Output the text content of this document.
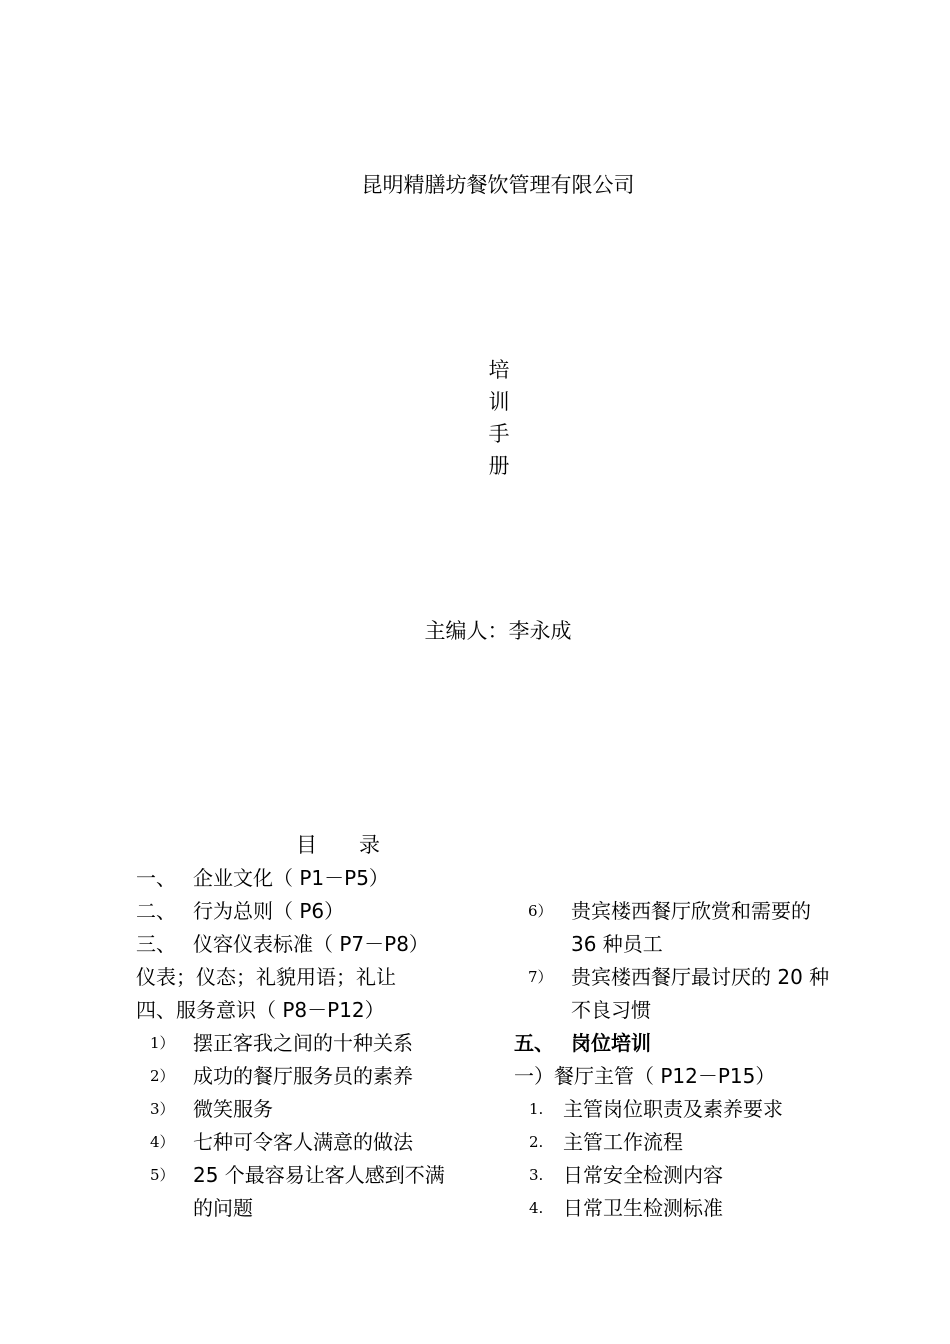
昆明精膳坊餐饮管理有限公司
培
训
手
册
主编人：李永成
目　　录
一、 企业文化（ P1－P5）
二、 行为总则（ P6）
三、 仪容仪表标准（ P7－P8）
仪表；仪态；礼貌用语；礼让
四、服务意识（ P8－P12）
1） 摆正客我之间的十种关系
2） 成功的餐厅服务员的素养
3） 微笑服务
4） 七种可令客人满意的做法
5） 25 个最容易让客人感到不满
的问题
6） 贵宾楼西餐厅欣赏和需要的
36 种员工
7） 贵宾楼西餐厅最讨厌的 20 种
不良习惯
五、 岗位培训
一）餐厅主管（ P12－P15）
1. 主管岗位职责及素养要求
2. 主管工作流程
3. 日常安全检测内容
4. 日常卫生检测标准
